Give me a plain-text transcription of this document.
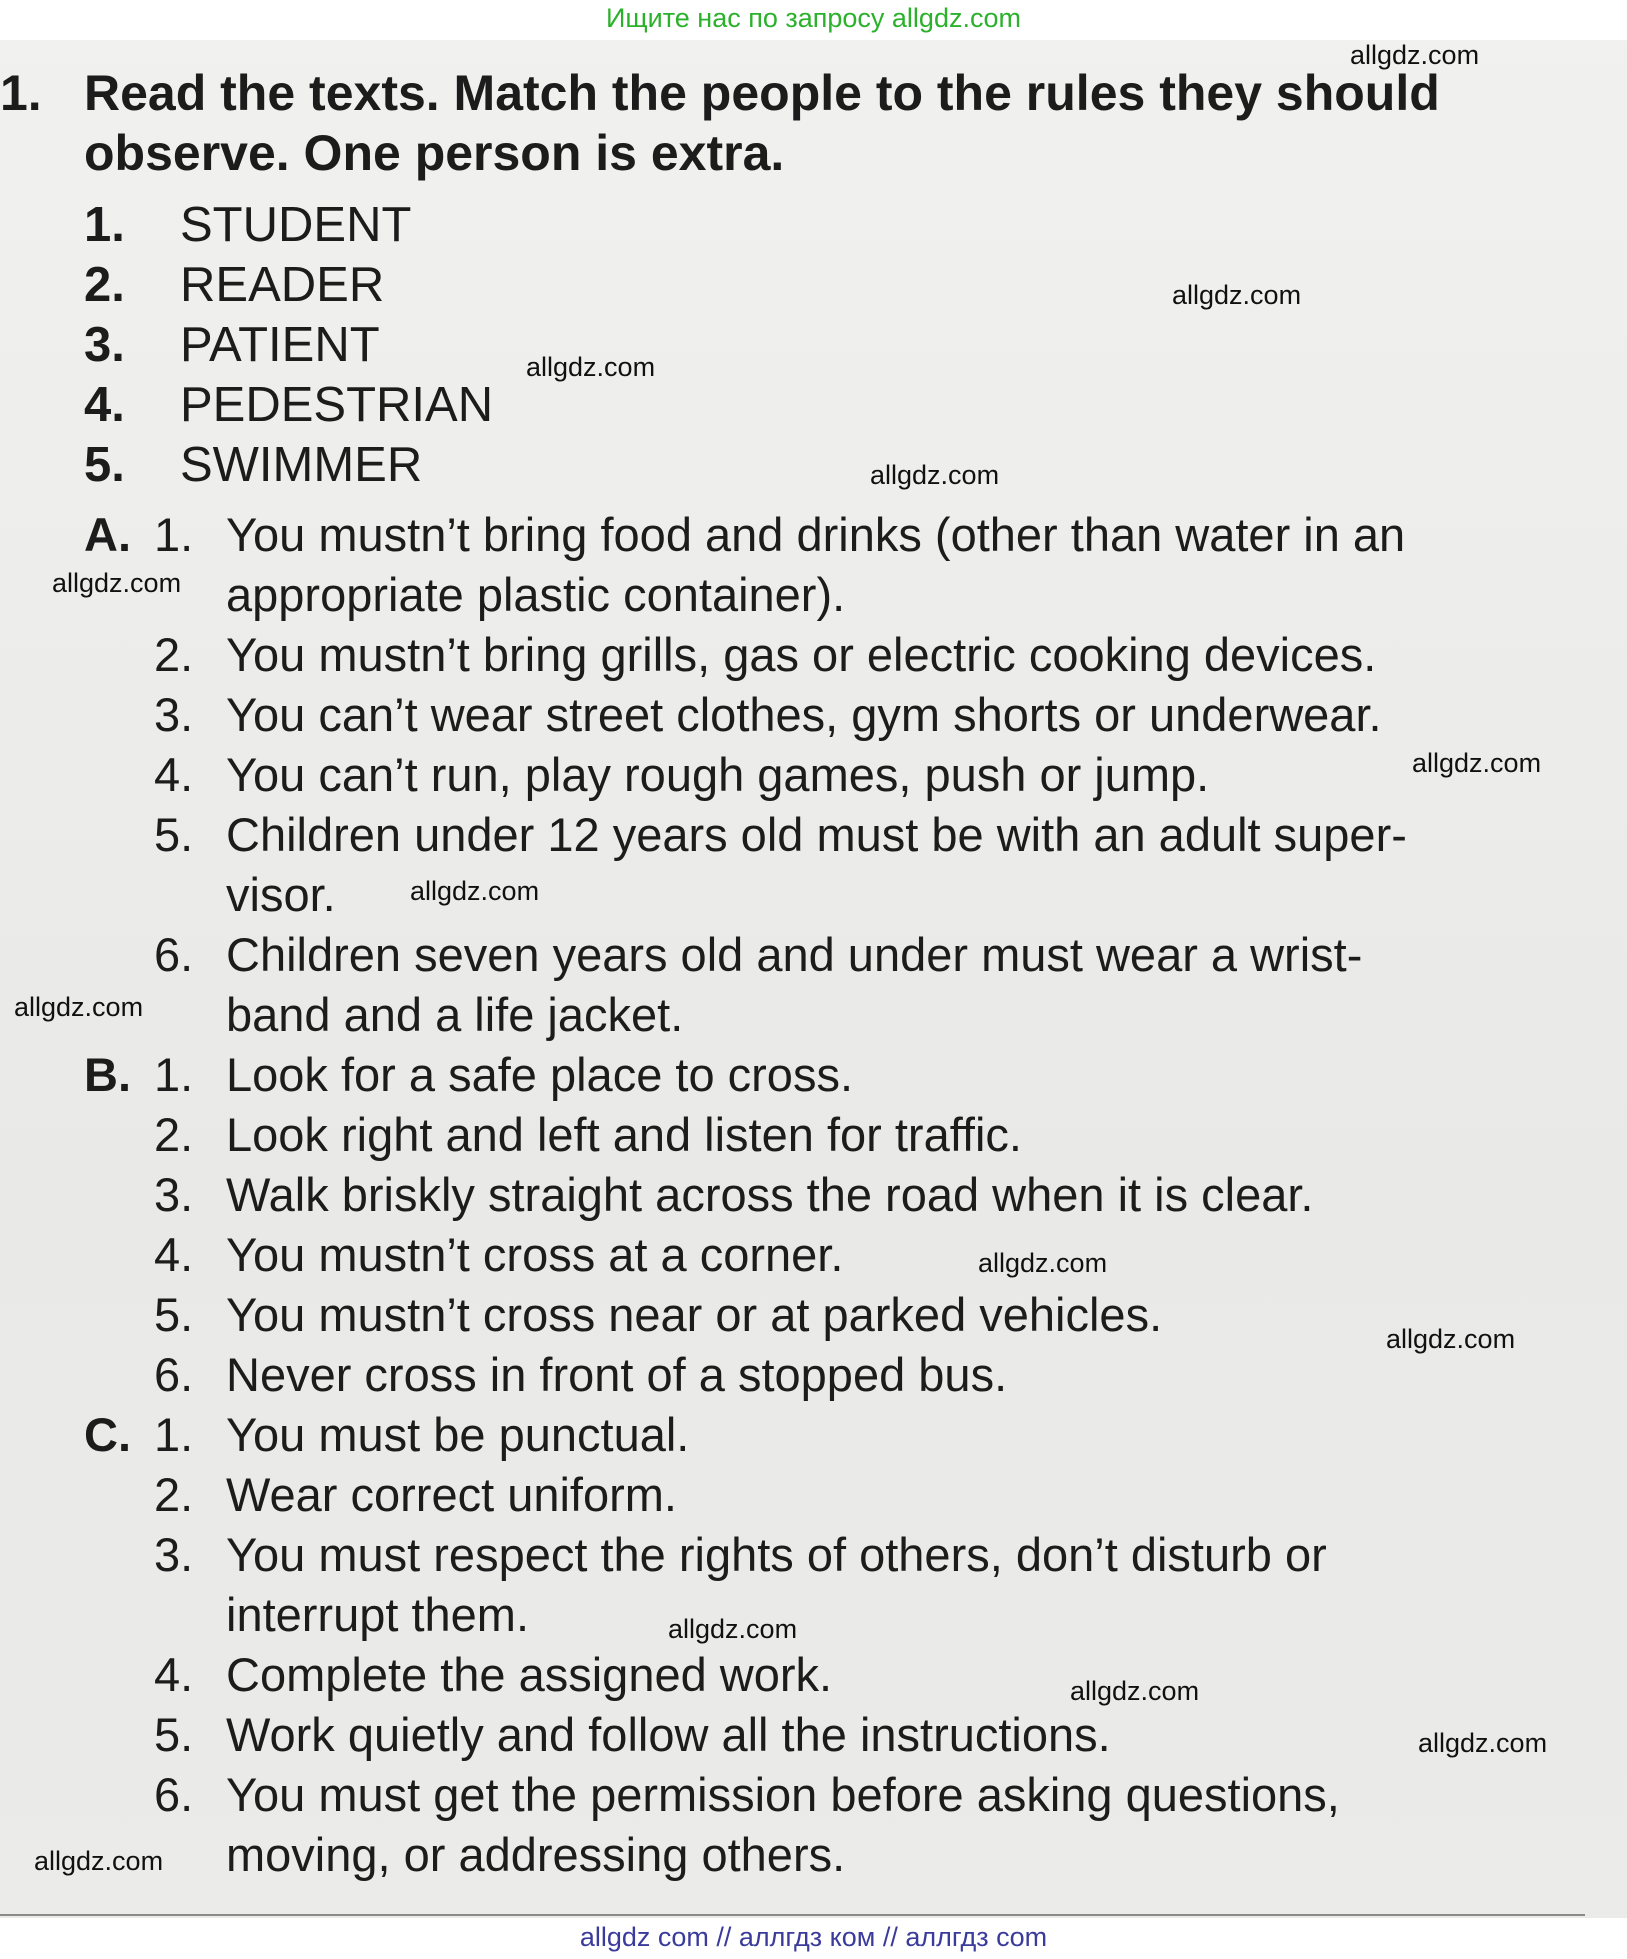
Ищите нас по запросу allgdz.com
1. Read the texts. Match the people to the rules they should
observe. One person is extra.
1. STUDENT
2. READER
3. PATIENT
4. PEDESTRIAN
5. SWIMMER
A. 1. You mustn’t bring food and drinks (other than water in an
appropriate plastic container).
2. You mustn’t bring grills, gas or electric cooking devices.
3. You can’t wear street clothes, gym shorts or underwear.
4. You can’t run, play rough games, push or jump.
5. Children under 12 years old must be with an adult super-
visor.
6. Children seven years old and under must wear a wrist-
band and a life jacket.
B. 1. Look for a safe place to cross.
2. Look right and left and listen for traffic.
3. Walk briskly straight across the road when it is clear.
4. You mustn’t cross at a corner.
5. You mustn’t cross near or at parked vehicles.
6. Never cross in front of a stopped bus.
C. 1. You must be punctual.
2. Wear correct uniform.
3. You must respect the rights of others, don’t disturb or
interrupt them.
4. Complete the assigned work.
5. Work quietly and follow all the instructions.
6. You must get the permission before asking questions,
moving, or addressing others.
allgdz.com
allgdz.com
allgdz.com
allgdz.com
allgdz.com
allgdz.com
allgdz.com
allgdz.com
allgdz.com
allgdz.com
allgdz.com
allgdz.com
allgdz.com
allgdz.com
allgdz com // аллгдз ком // аллгдз com
